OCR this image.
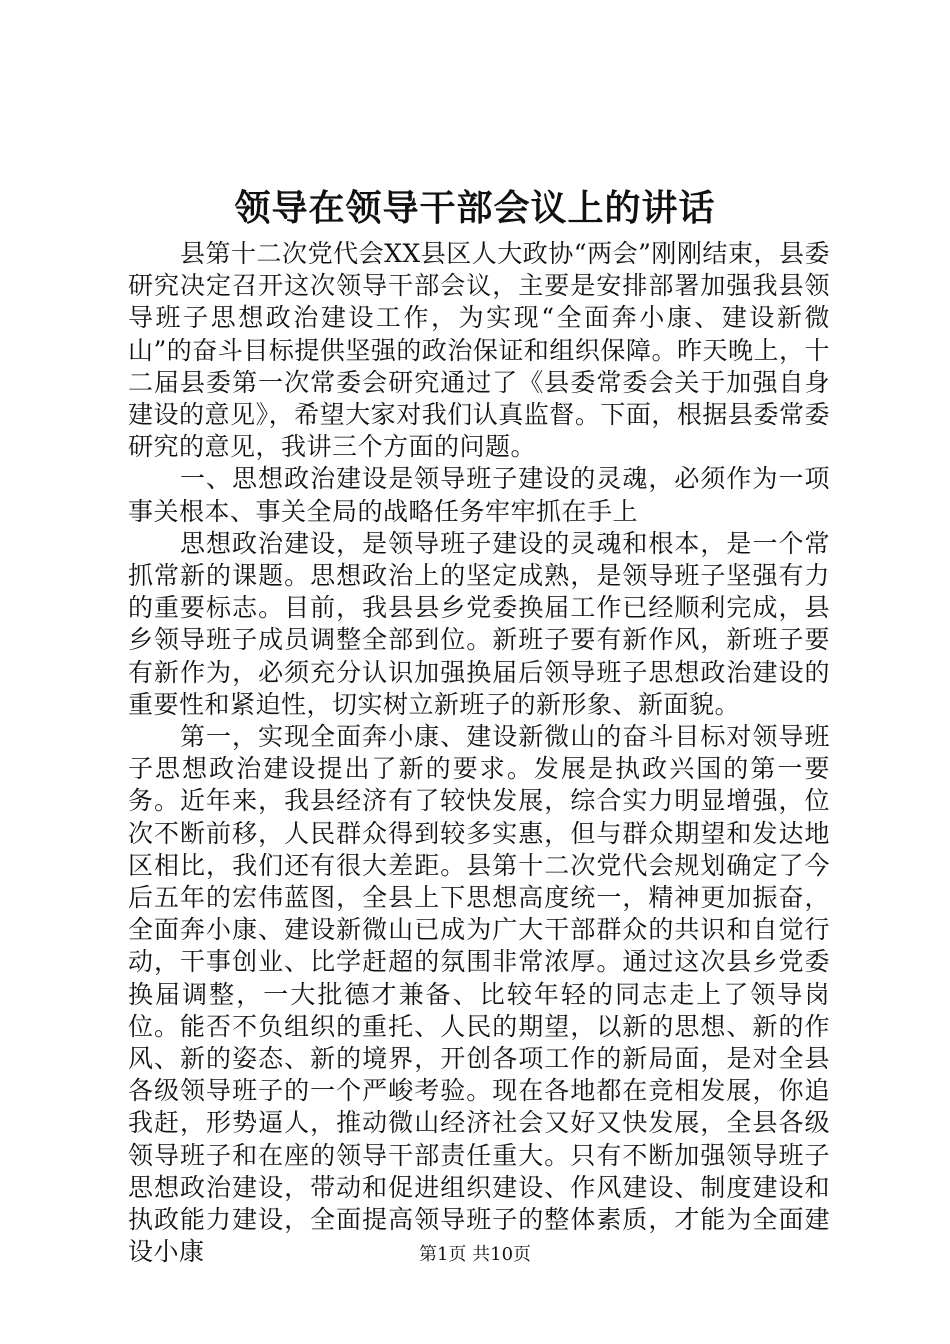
领导在领导干部会议上的讲话

县第十二次党代会XX县区人大政协“两会”刚刚结束，县委研究决定召开这次领导干部会议，主要是安排部署加强我县领导班子思想政治建设工作，为实现“全面奔小康、建设新微山”的奋斗目标提供坚强的政治保证和组织保障。昨天晚上，十二届县委第一次常委会研究通过了《县委常委会关于加强自身建设的意见》，希望大家对我们认真监督。下面，根据县委常委研究的意见，我讲三个方面的问题。

一、思想政治建设是领导班子建设的灵魂，必须作为一项事关根本、事关全局的战略任务牢牢抓在手上

思想政治建设，是领导班子建设的灵魂和根本，是一个常抓常新的课题。思想政治上的坚定成熟，是领导班子坚强有力的重要标志。目前，我县县乡党委换届工作已经顺利完成，县乡领导班子成员调整全部到位。新班子要有新作风，新班子要有新作为，必须充分认识加强换届后领导班子思想政治建设的重要性和紧迫性，切实树立新班子的新形象、新面貌。

第一，实现全面奔小康、建设新微山的奋斗目标对领导班子思想政治建设提出了新的要求。发展是执政兴国的第一要务。近年来，我县经济有了较快发展，综合实力明显增强，位次不断前移，人民群众得到较多实惠，但与群众期望和发达地区相比，我们还有很大差距。县第十二次党代会规划确定了今后五年的宏伟蓝图，全县上下思想高度统一，精神更加振奋，全面奔小康、建设新微山已成为广大干部群众的共识和自觉行动，干事创业、比学赶超的氛围非常浓厚。通过这次县乡党委换届调整，一大批德才兼备、比较年轻的同志走上了领导岗位。能否不负组织的重托、人民的期望，以新的思想、新的作风、新的姿态、新的境界，开创各项工作的新局面，是对全县各级领导班子的一个严峻考验。现在各地都在竞相发展，你追我赶，形势逼人，推动微山经济社会又好又快发展，全县各级领导班子和在座的领导干部责任重大。只有不断加强领导班子思想政治建设，带动和促进组织建设、作风建设、制度建设和执政能力建设，全面提高领导班子的整体素质，才能为全面建设小康	第1页 共10页
